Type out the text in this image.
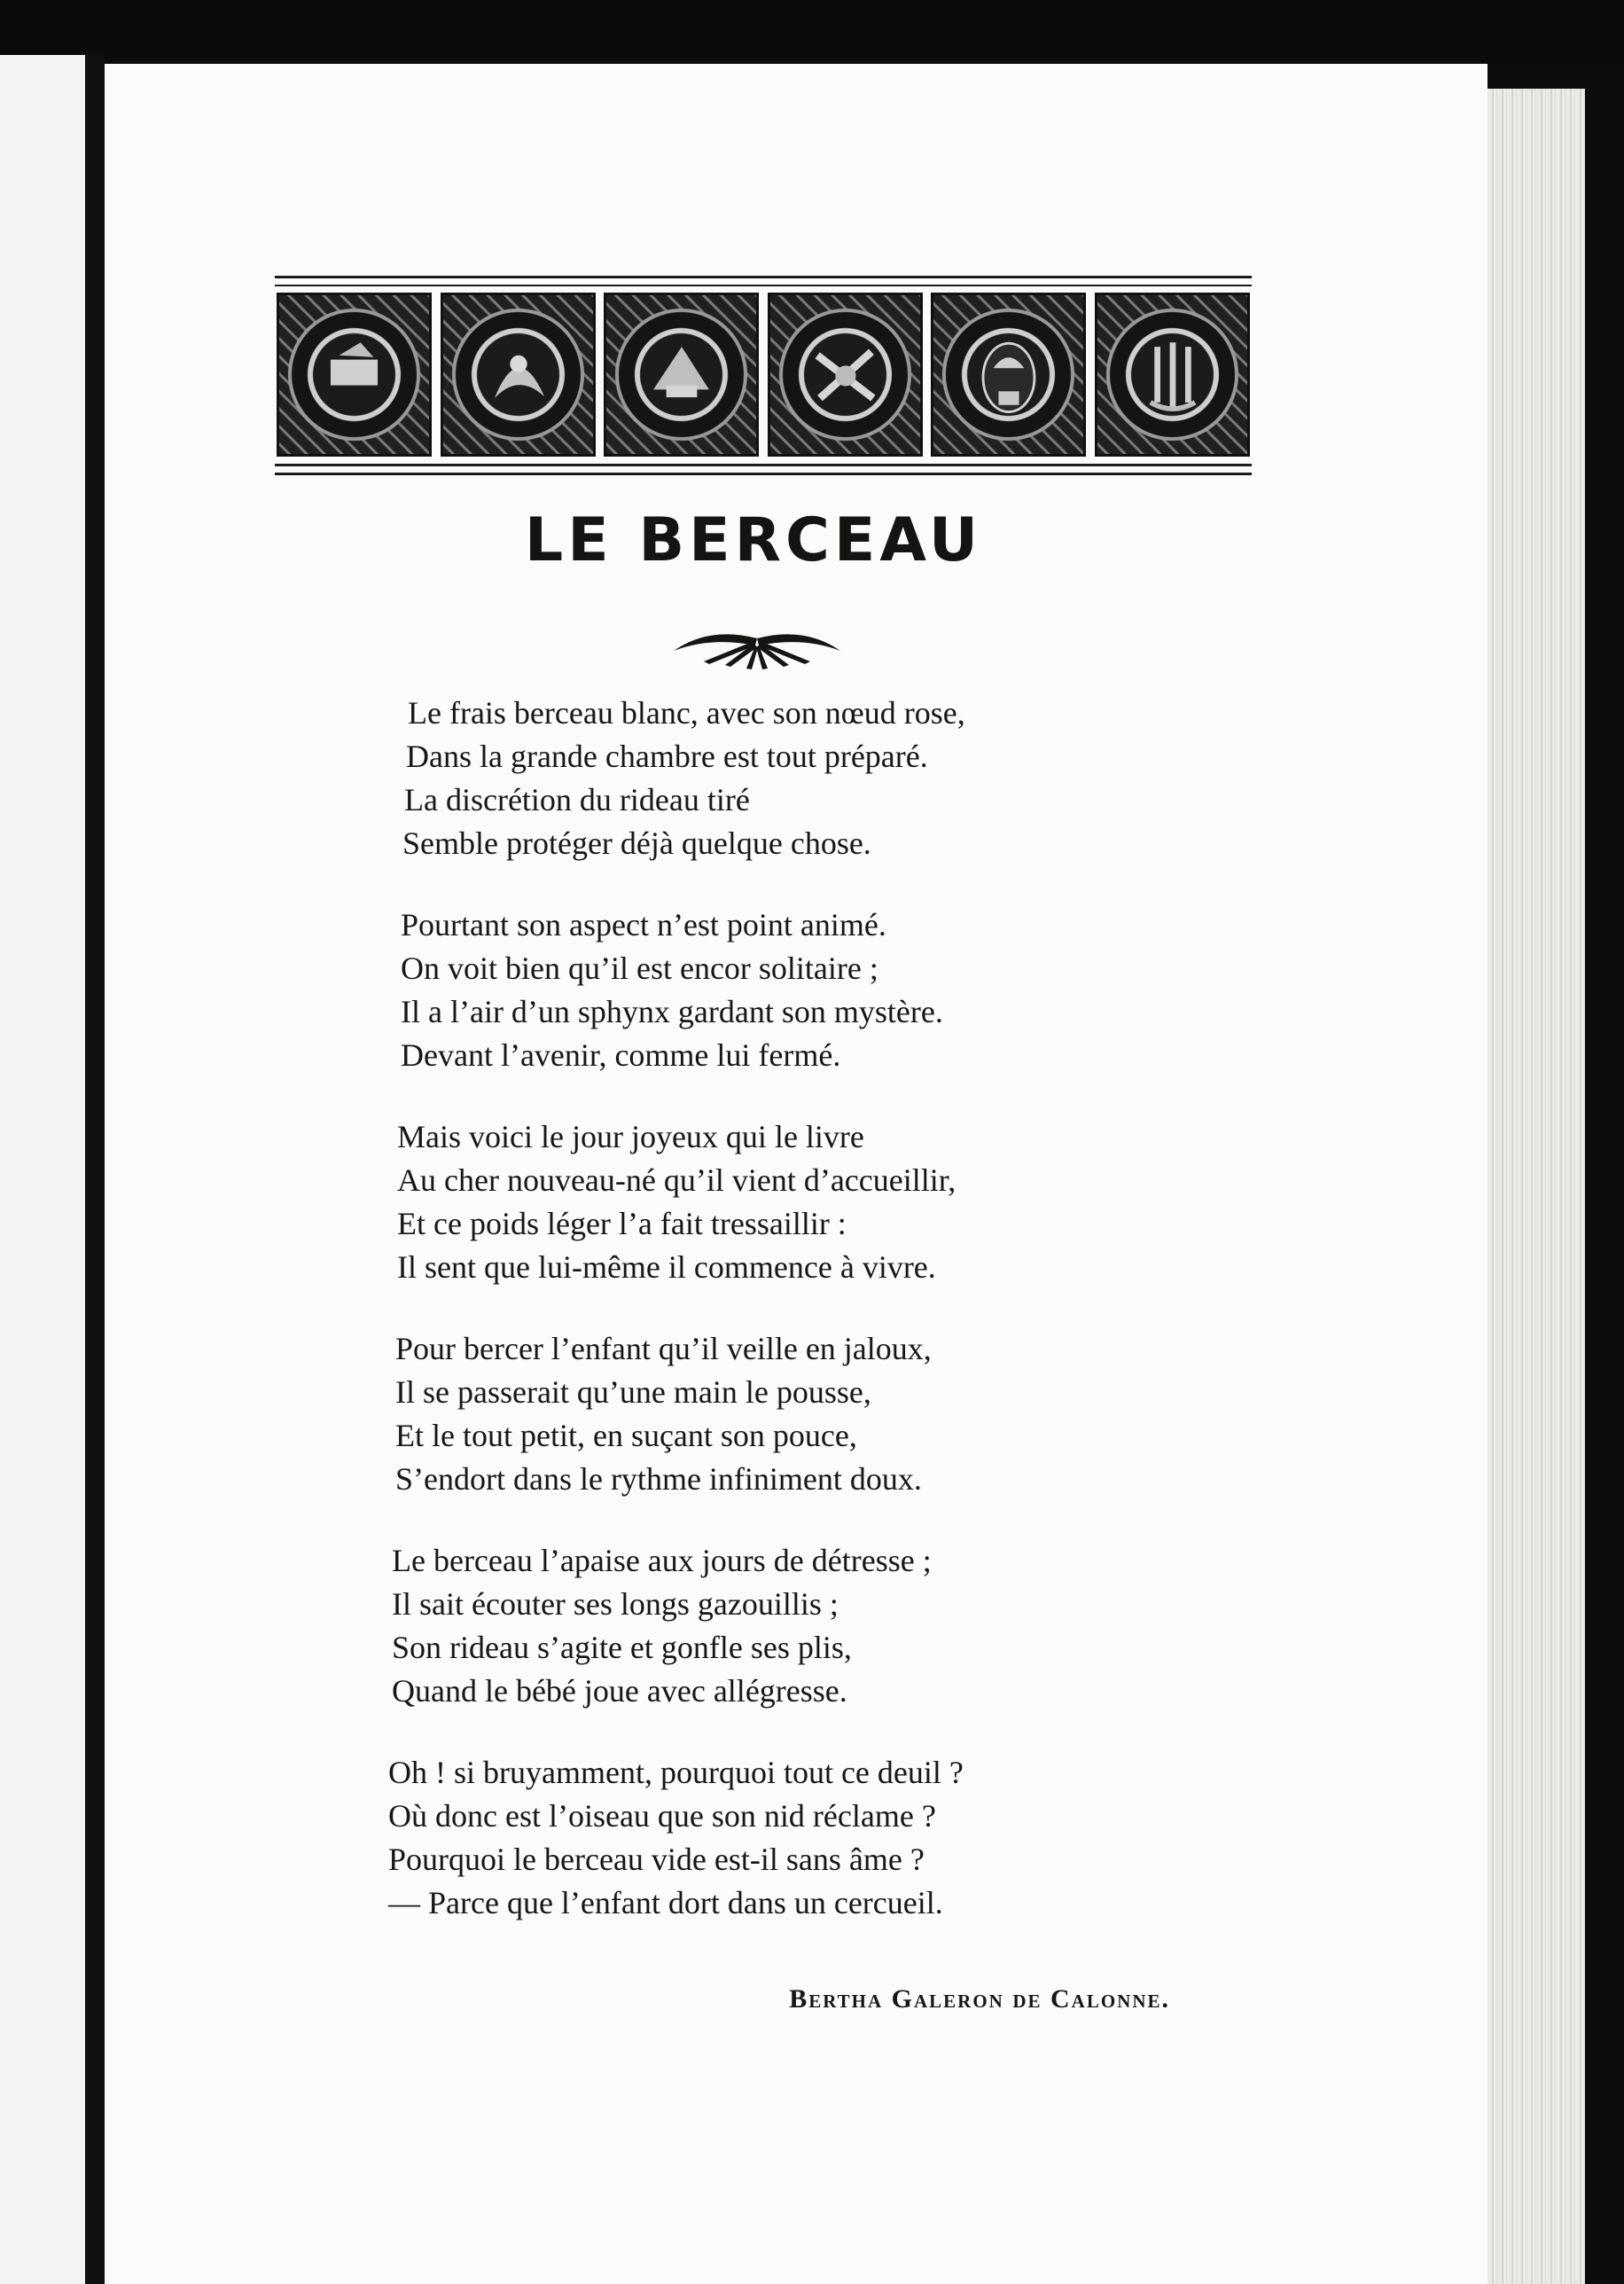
LE BERCEAU
Le frais berceau blanc, avec son nœud rose,
Dans la grande chambre est tout préparé.
La discrétion du rideau tiré
Semble protéger déjà quelque chose.
Pourtant son aspect n’est point animé.
On voit bien qu’il est encor solitaire ;
Il a l’air d’un sphynx gardant son mystère.
Devant l’avenir, comme lui fermé.
Mais voici le jour joyeux qui le livre
Au cher nouveau-né qu’il vient d’accueillir,
Et ce poids léger l’a fait tressaillir :
Il sent que lui-même il commence à vivre.
Pour bercer l’enfant qu’il veille en jaloux,
Il se passerait qu’une main le pousse,
Et le tout petit, en suçant son pouce,
S’endort dans le rythme infiniment doux.
Le berceau l’apaise aux jours de détresse ;
Il sait écouter ses longs gazouillis ;
Son rideau s’agite et gonfle ses plis,
Quand le bébé joue avec allégresse.
Oh ! si bruyamment, pourquoi tout ce deuil ?
Où donc est l’oiseau que son nid réclame ?
Pourquoi le berceau vide est-il sans âme ?
— Parce que l’enfant dort dans un cercueil.
Bertha Galeron de Calonne.
